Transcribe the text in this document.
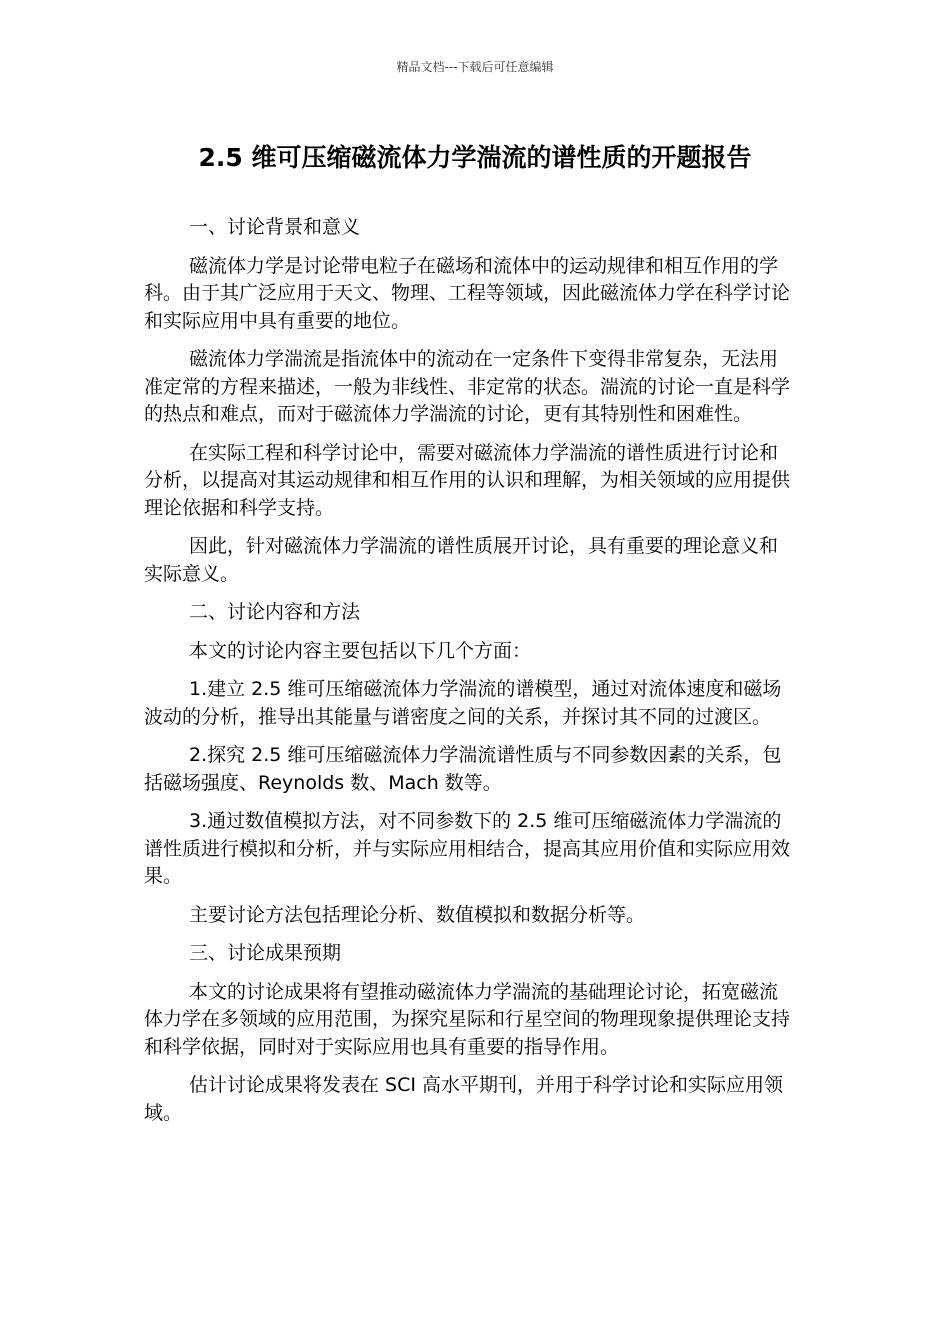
精品文档---下载后可任意编辑
2.5 维可压缩磁流体力学湍流的谱性质的开题报告

一、讨论背景和意义

磁流体力学是讨论带电粒子在磁场和流体中的运动规律和相互作用的学科。由于其广泛应用于天文、物理、工程等领域，因此磁流体力学在科学讨论和实际应用中具有重要的地位。

磁流体力学湍流是指流体中的流动在一定条件下变得非常复杂，无法用准定常的方程来描述，一般为非线性、非定常的状态。湍流的讨论一直是科学的热点和难点，而对于磁流体力学湍流的讨论，更有其特别性和困难性。

在实际工程和科学讨论中，需要对磁流体力学湍流的谱性质进行讨论和分析，以提高对其运动规律和相互作用的认识和理解，为相关领域的应用提供理论依据和科学支持。

因此，针对磁流体力学湍流的谱性质展开讨论，具有重要的理论意义和实际意义。

二、讨论内容和方法

本文的讨论内容主要包括以下几个方面：

1.建立 2.5 维可压缩磁流体力学湍流的谱模型，通过对流体速度和磁场波动的分析，推导出其能量与谱密度之间的关系，并探讨其不同的过渡区。

2.探究 2.5 维可压缩磁流体力学湍流谱性质与不同参数因素的关系，包括磁场强度、Reynolds 数、Mach 数等。

3.通过数值模拟方法，对不同参数下的 2.5 维可压缩磁流体力学湍流的谱性质进行模拟和分析，并与实际应用相结合，提高其应用价值和实际应用效果。

主要讨论方法包括理论分析、数值模拟和数据分析等。

三、讨论成果预期

本文的讨论成果将有望推动磁流体力学湍流的基础理论讨论，拓宽磁流体力学在多领域的应用范围，为探究星际和行星空间的物理现象提供理论支持和科学依据，同时对于实际应用也具有重要的指导作用。

估计讨论成果将发表在 SCI 高水平期刊，并用于科学讨论和实际应用领域。
